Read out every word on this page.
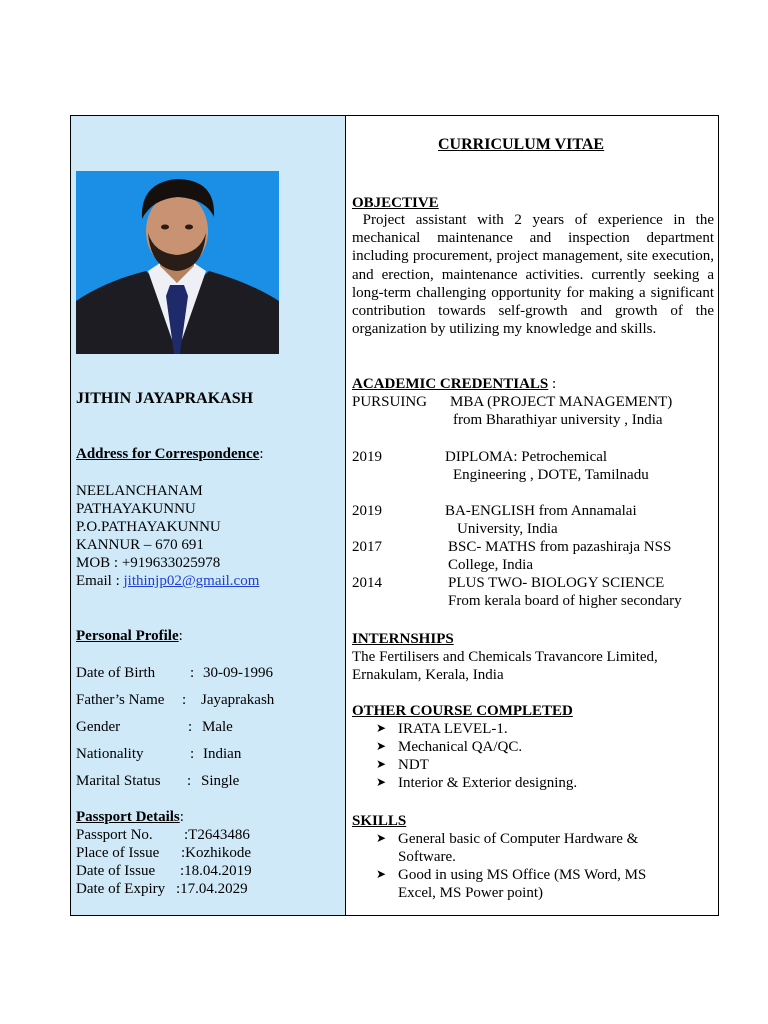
JITHIN JAYAPRAKASH
Address for Correspondence:
NEELANCHANAM
PATHAYAKUNNU
P.O.PATHAYAKUNNU
KANNUR – 670 691
MOB : +919633025978
Email : jithinjp02@gmail.com
Personal Profile:
Date of Birth : 30-09-1996
Father’s Name : Jayaprakash
Gender	: Male
Nationality	: Indian
Marital Status : Single
Passport Details:
Passport No. :T2643486
Place of Issue :Kozhikode
Date of Issue :18.04.2019
Date of Expiry :17.04.2029
CURRICULUM VITAE
OBJECTIVE
Project assistant with 2 years of experience in the mechanical maintenance and inspection department including procurement, project management, site execution, and erection, maintenance activities. currently seeking a long-term challenging opportunity for making a significant contribution towards self-growth and growth of the organization by utilizing my knowledge and skills.
ACADEMIC CREDENTIALS :
PURSUING MBA (PROJECT MANAGEMENT)
from Bharathiyar university , India
2019	DIPLOMA: Petrochemical
Engineering , DOTE, Tamilnadu
2019	BA-ENGLISH from Annamalai
University, India
2017	BSC- MATHS from pazashiraja NSS
College, India
2014	PLUS TWO- BIOLOGY SCIENCE
From kerala board of higher secondary
INTERNSHIPS
The Fertilisers and Chemicals Travancore Limited,
Ernakulam, Kerala, India
OTHER COURSE COMPLETED
➤ IRATA LEVEL-1.
➤ Mechanical QA/QC.
➤ NDT
➤ Interior & Exterior designing.
SKILLS
➤ General basic of Computer Hardware &
Software.
➤ Good in using MS Office (MS Word, MS
Excel, MS Power point)
